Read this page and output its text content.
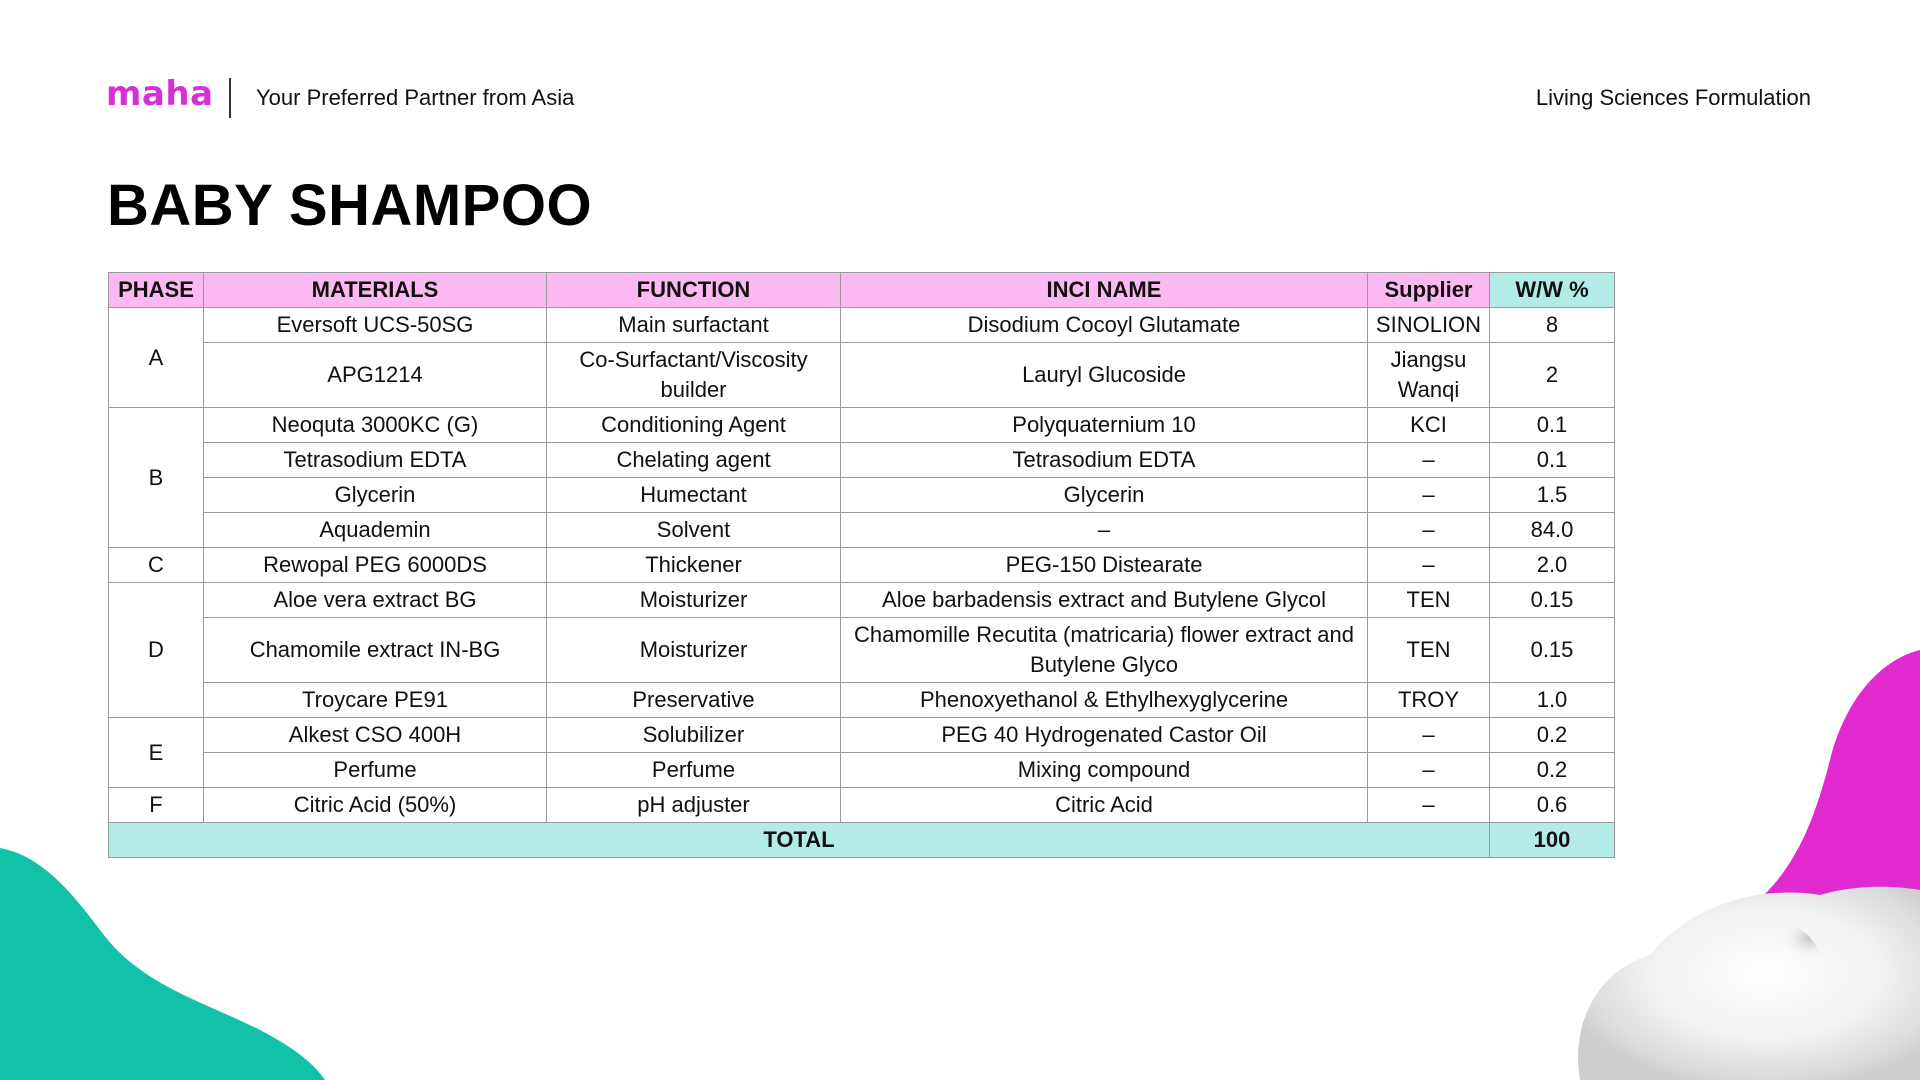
maha Your Preferred Partner from Asia	Living Sciences Formulation
BABY SHAMPOO
PHASE	MATERIALS	FUNCTION	INCI NAME	Supplier	W/W %
A	Eversoft UCS-50SG	Main surfactant	Disodium Cocoyl Glutamate	SINOLION	8
	APG1214	Co-Surfactant/Viscosity builder	Lauryl Glucoside	Jiangsu Wanqi	2
B	Neoquta 3000KC (G)	Conditioning Agent	Polyquaternium 10	KCI	0.1
	Tetrasodium EDTA	Chelating agent	Tetrasodium EDTA	–	0.1
	Glycerin	Humectant	Glycerin	–	1.5
	Aquademin	Solvent	–	–	84.0
C	Rewopal PEG 6000DS	Thickener	PEG-150 Distearate	–	2.0
D	Aloe vera extract BG	Moisturizer	Aloe barbadensis extract and Butylene Glycol	TEN	0.15
	Chamomile extract IN-BG	Moisturizer	Chamomille Recutita (matricaria) flower extract and Butylene Glyco	TEN	0.15
	Troycare PE91	Preservative	Phenoxyethanol & Ethylhexyglycerine	TROY	1.0
E	Alkest CSO 400H	Solubilizer	PEG 40 Hydrogenated Castor Oil	–	0.2
	Perfume	Perfume	Mixing compound	–	0.2
F	Citric Acid (50%)	pH adjuster	Citric Acid	–	0.6
TOTAL					100
